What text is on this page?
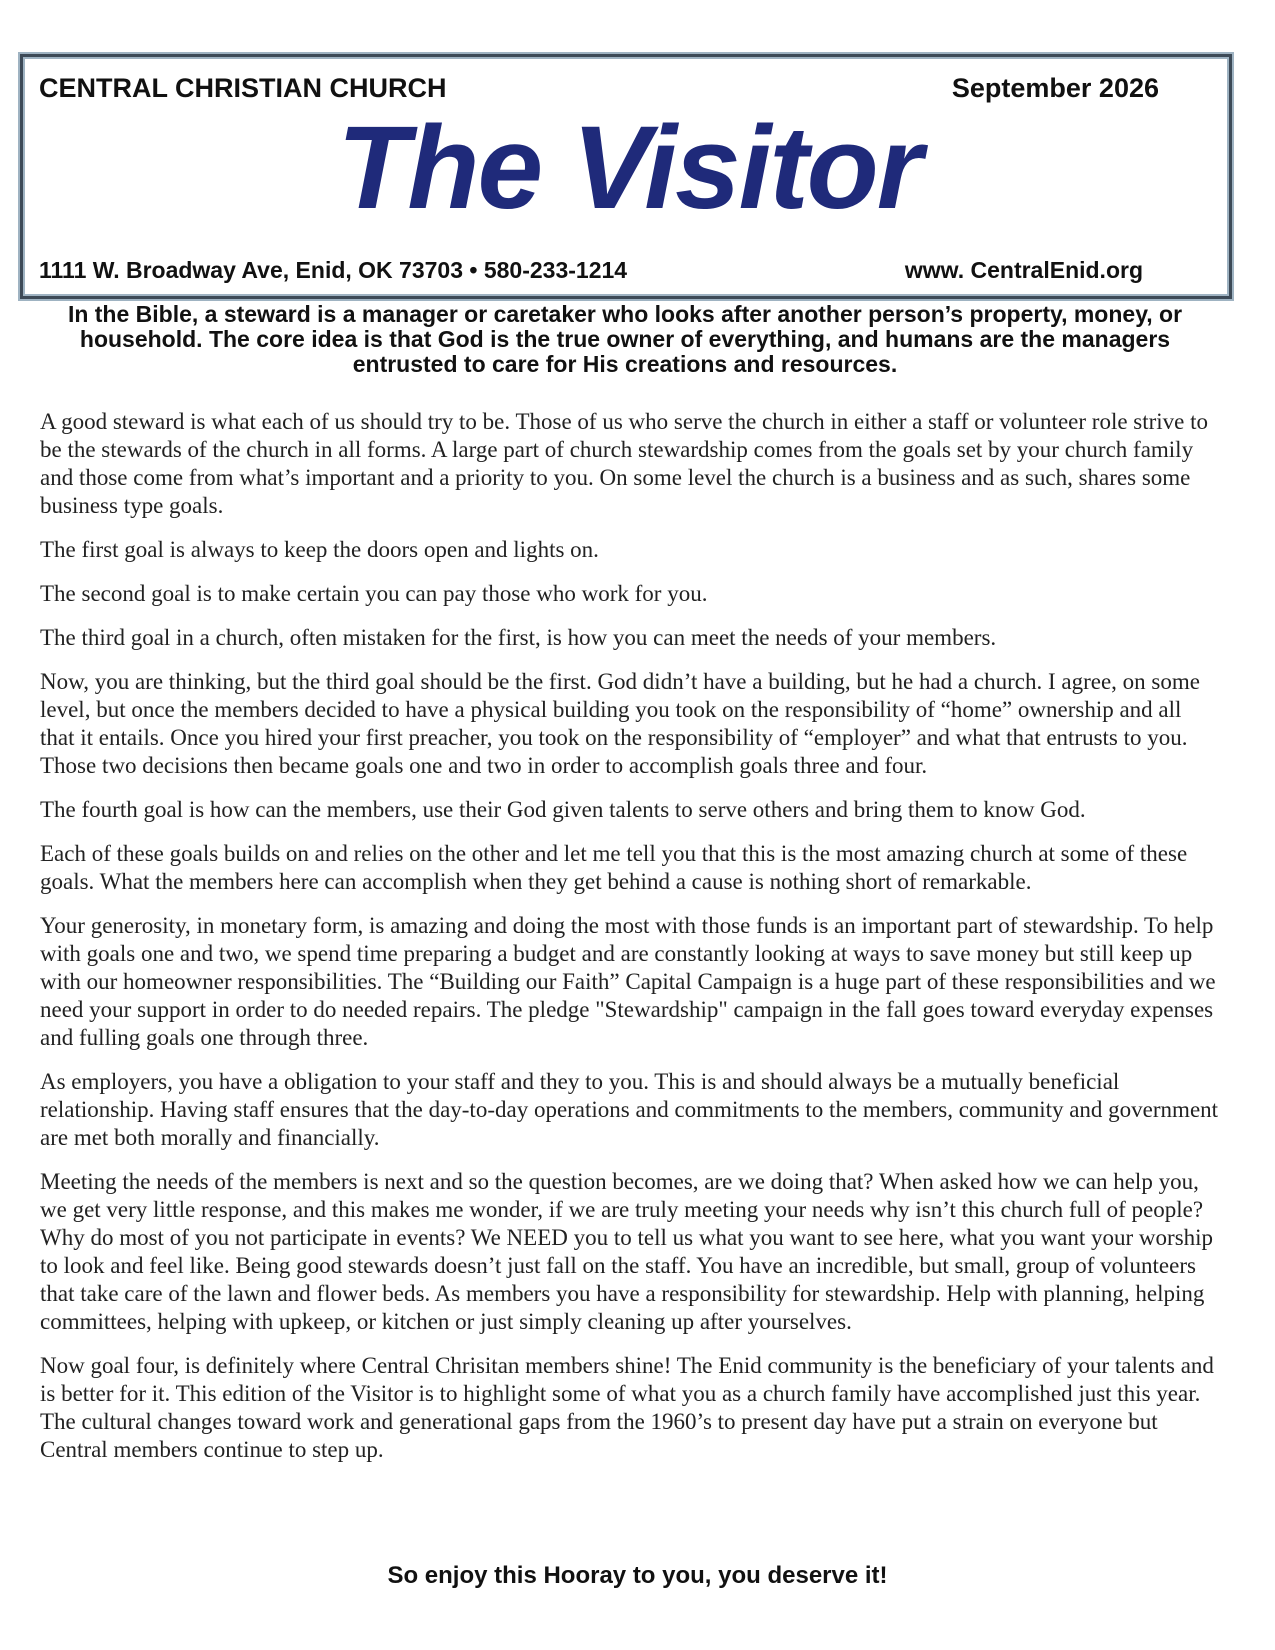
CENTRAL CHRISTIAN CHURCH	September 2026
The Visitor
1111 W. Broadway Ave, Enid, OK 73703 • 580-233-1214	www. CentralEnid.org
In the Bible, a steward is a manager or caretaker who looks after another person’s property, money, or household. The core idea is that God is the true owner of everything, and humans are the managers entrusted to care for His creations and resources.

A good steward is what each of us should try to be. Those of us who serve the church in either a staff or volunteer role strive to be the stewards of the church in all forms. A large part of church stewardship comes from the goals set by your church family and those come from what’s important and a priority to you. On some level the church is a business and as such, shares some business type goals.

The first goal is always to keep the doors open and lights on.

The second goal is to make certain you can pay those who work for you.

The third goal in a church, often mistaken for the first, is how you can meet the needs of your members.

Now, you are thinking, but the third goal should be the first. God didn’t have a building, but he had a church. I agree, on some level, but once the members decided to have a physical building you took on the responsibility of “home” ownership and all that it entails. Once you hired your first preacher, you took on the responsibility of “employer” and what that entrusts to you. Those two decisions then became goals one and two in order to accomplish goals three and four.

The fourth goal is how can the members, use their God given talents to serve others and bring them to know God.

Each of these goals builds on and relies on the other and let me tell you that this is the most amazing church at some of these goals. What the members here can accomplish when they get behind a cause is nothing short of remarkable.

Your generosity, in monetary form, is amazing and doing the most with those funds is an important part of stewardship. To help with goals one and two, we spend time preparing a budget and are constantly looking at ways to save money but still keep up with our homeowner responsibilities. The “Building our Faith” Capital Campaign is a huge part of these responsibilities and we need your support in order to do needed repairs. The pledge "Stewardship" campaign in the fall goes toward everyday expenses and fulling goals one through three.

As employers, you have a obligation to your staff and they to you. This is and should always be a mutually beneficial relationship. Having staff ensures that the day-to-day operations and commitments to the members, community and government are met both morally and financially.

Meeting the needs of the members is next and so the question becomes, are we doing that? When asked how we can help you, we get very little response, and this makes me wonder, if we are truly meeting your needs why isn’t this church full of people? Why do most of you not participate in events? We NEED you to tell us what you want to see here, what you want your worship to look and feel like. Being good stewards doesn’t just fall on the staff. You have an incredible, but small, group of volunteers that take care of the lawn and flower beds. As members you have a responsibility for stewardship. Help with planning, helping committees, helping with upkeep, or kitchen or just simply cleaning up after yourselves.

Now goal four, is definitely where Central Chrisitan members shine! The Enid community is the beneficiary of your talents and is better for it. This edition of the Visitor is to highlight some of what you as a church family have accomplished just this year. The cultural changes toward work and generational gaps from the 1960’s to present day have put a strain on everyone but Central members continue to step up.

So enjoy this Hooray to you, you deserve it!
